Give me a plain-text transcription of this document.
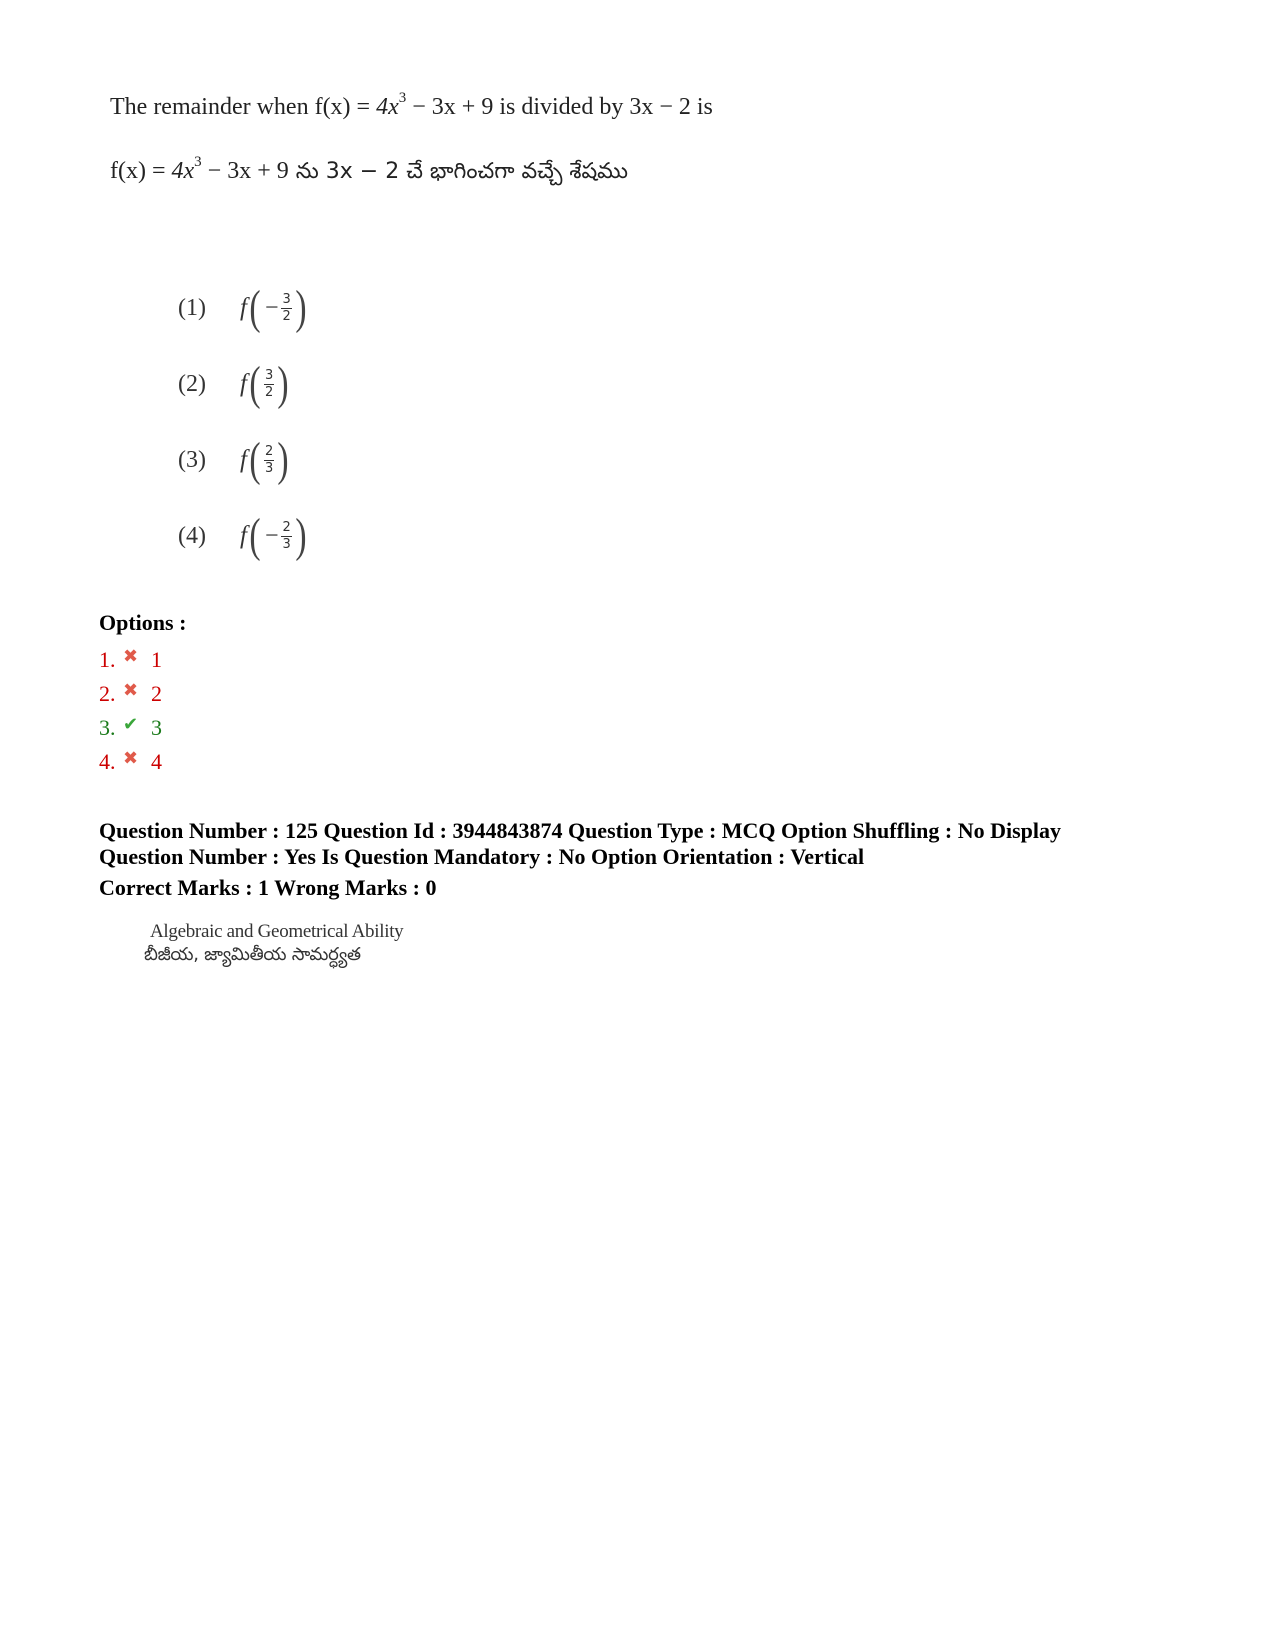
The remainder when $f(x) = 4x^3 - 3x + 9$ is divided by 3x − 2 is
$f(x) = 4x^3 - 3x + 9$ ను 3x − 2 చే భాగించగా వచ్చే శేషము
(1)	f ( − $\frac{3}{2}$ )
(2)	f ( $\frac{3}{2}$ )
(3)	f ( $\frac{2}{3}$ )
(4)	f ( − $\frac{2}{3}$ )
Options :
1. ✖ 1
2. ✖ 2
3. ✔ 3
4. ✖ 4
Question Number : 125 Question Id : 3944843874 Question Type : MCQ Option Shuffling : No Display
Question Number : Yes Is Question Mandatory : No Option Orientation : Vertical
Correct Marks : 1 Wrong Marks : 0
Algebraic and Geometrical Ability
బీజీయ, జ్యామితీయ సామర్ధ్యత
